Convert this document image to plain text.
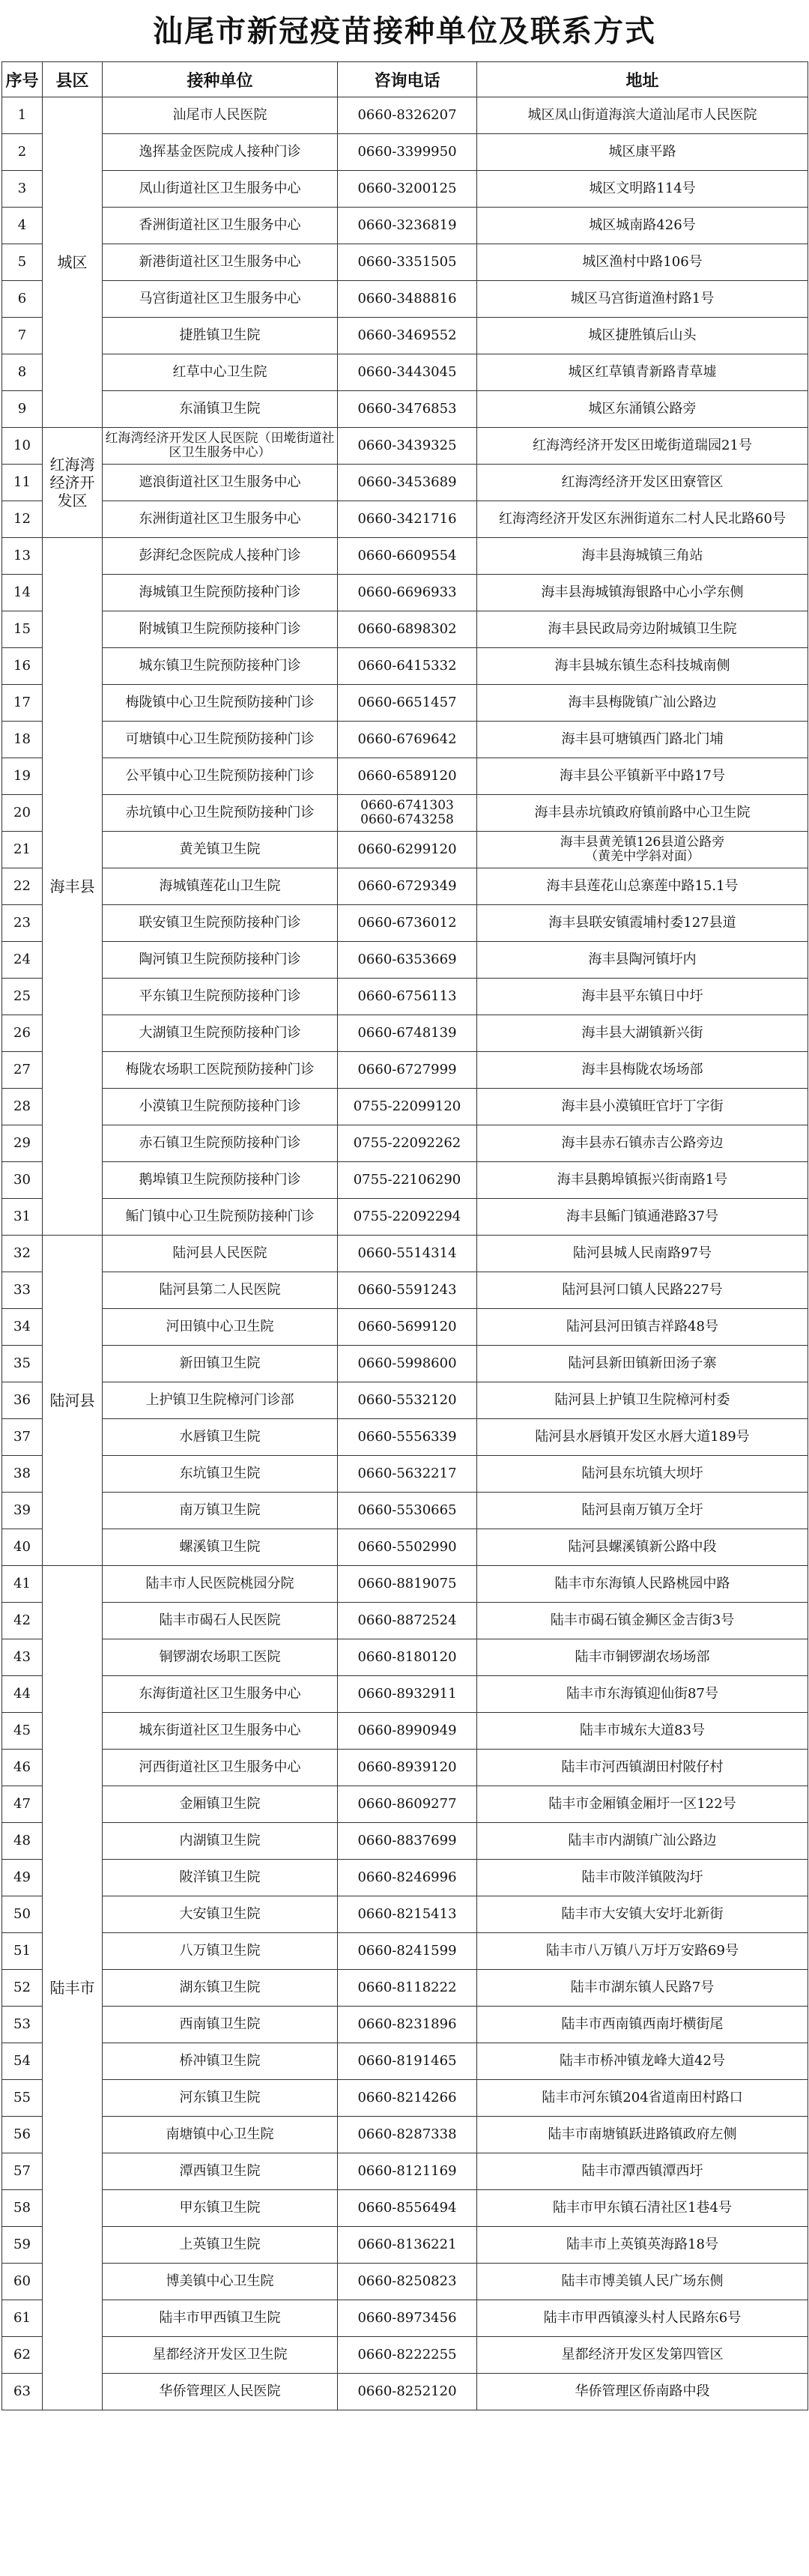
汕尾市新冠疫苗接种单位及联系方式
序号	县区	接种单位	咨询电话	地址
1	城区	汕尾市人民医院	0660-8326207	城区凤山街道海滨大道汕尾市人民医院
2		逸挥基金医院成人接种门诊	0660-3399950	城区康平路
3		凤山街道社区卫生服务中心	0660-3200125	城区文明路114号
4		香洲街道社区卫生服务中心	0660-3236819	城区城南路426号
5		新港街道社区卫生服务中心	0660-3351505	城区渔村中路106号
6		马宫街道社区卫生服务中心	0660-3488816	城区马宫街道渔村路1号
7		捷胜镇卫生院	0660-3469552	城区捷胜镇后山头
8		红草中心卫生院	0660-3443045	城区红草镇青新路青草墟
9		东涌镇卫生院	0660-3476853	城区东涌镇公路旁
10	红海湾经济开发区	红海湾经济开发区人民医院（田墘街道社区卫生服务中心）	0660-3439325	红海湾经济开发区田墘街道瑞园21号
11		遮浪街道社区卫生服务中心	0660-3453689	红海湾经济开发区田寮管区
12		东洲街道社区卫生服务中心	0660-3421716	红海湾经济开发区东洲街道东二村人民北路60号
13	海丰县	彭湃纪念医院成人接种门诊	0660-6609554	海丰县海城镇三角站
14		海城镇卫生院预防接种门诊	0660-6696933	海丰县海城镇海银路中心小学东侧
15		附城镇卫生院预防接种门诊	0660-6898302	海丰县民政局旁边附城镇卫生院
16		城东镇卫生院预防接种门诊	0660-6415332	海丰县城东镇生态科技城南侧
17		梅陇镇中心卫生院预防接种门诊	0660-6651457	海丰县梅陇镇广汕公路边
18		可塘镇中心卫生院预防接种门诊	0660-6769642	海丰县可塘镇西门路北门埔
19		公平镇中心卫生院预防接种门诊	0660-6589120	海丰县公平镇新平中路17号
20		赤坑镇中心卫生院预防接种门诊	0660-6741303
0660-6743258	海丰县赤坑镇政府镇前路中心卫生院
21		黄羌镇卫生院	0660-6299120	海丰县黄羌镇126县道公路旁
（黄羌中学斜对面）
22		海城镇莲花山卫生院	0660-6729349	海丰县莲花山总寨莲中路15.1号
23		联安镇卫生院预防接种门诊	0660-6736012	海丰县联安镇霞埔村委127县道
24		陶河镇卫生院预防接种门诊	0660-6353669	海丰县陶河镇圩内
25		平东镇卫生院预防接种门诊	0660-6756113	海丰县平东镇日中圩
26		大湖镇卫生院预防接种门诊	0660-6748139	海丰县大湖镇新兴街
27		梅陇农场职工医院预防接种门诊	0660-6727999	海丰县梅陇农场场部
28		小漠镇卫生院预防接种门诊	0755-22099120	海丰县小漠镇旺官圩丁字街
29		赤石镇卫生院预防接种门诊	0755-22092262	海丰县赤石镇赤吉公路旁边
30		鹅埠镇卫生院预防接种门诊	0755-22106290	海丰县鹅埠镇振兴街南路1号
31		鲘门镇中心卫生院预防接种门诊	0755-22092294	海丰县鲘门镇通港路37号
32	陆河县	陆河县人民医院	0660-5514314	陆河县城人民南路97号
33		陆河县第二人民医院	0660-5591243	陆河县河口镇人民路227号
34		河田镇中心卫生院	0660-5699120	陆河县河田镇吉祥路48号
35		新田镇卫生院	0660-5998600	陆河县新田镇新田汤子寨
36		上护镇卫生院樟河门诊部	0660-5532120	陆河县上护镇卫生院樟河村委
37		水唇镇卫生院	0660-5556339	陆河县水唇镇开发区水唇大道189号
38		东坑镇卫生院	0660-5632217	陆河县东坑镇大坝圩
39		南万镇卫生院	0660-5530665	陆河县南万镇万全圩
40		螺溪镇卫生院	0660-5502990	陆河县螺溪镇新公路中段
41	陆丰市	陆丰市人民医院桃园分院	0660-8819075	陆丰市东海镇人民路桃园中路
42		陆丰市碣石人民医院	0660-8872524	陆丰市碣石镇金狮区金吉街3号
43		铜锣湖农场职工医院	0660-8180120	陆丰市铜锣湖农场场部
44		东海街道社区卫生服务中心	0660-8932911	陆丰市东海镇迎仙街87号
45		城东街道社区卫生服务中心	0660-8990949	陆丰市城东大道83号
46		河西街道社区卫生服务中心	0660-8939120	陆丰市河西镇湖田村陂仔村
47		金厢镇卫生院	0660-8609277	陆丰市金厢镇金厢圩一区122号
48		内湖镇卫生院	0660-8837699	陆丰市内湖镇广汕公路边
49		陂洋镇卫生院	0660-8246996	陆丰市陂洋镇陂沟圩
50		大安镇卫生院	0660-8215413	陆丰市大安镇大安圩北新街
51		八万镇卫生院	0660-8241599	陆丰市八万镇八万圩万安路69号
52		湖东镇卫生院	0660-8118222	陆丰市湖东镇人民路7号
53		西南镇卫生院	0660-8231896	陆丰市西南镇西南圩横街尾
54		桥冲镇卫生院	0660-8191465	陆丰市桥冲镇龙峰大道42号
55		河东镇卫生院	0660-8214266	陆丰市河东镇204省道南田村路口
56		南塘镇中心卫生院	0660-8287338	陆丰市南塘镇跃进路镇政府左侧
57		潭西镇卫生院	0660-8121169	陆丰市潭西镇潭西圩
58		甲东镇卫生院	0660-8556494	陆丰市甲东镇石清社区1巷4号
59		上英镇卫生院	0660-8136221	陆丰市上英镇英海路18号
60		博美镇中心卫生院	0660-8250823	陆丰市博美镇人民广场东侧
61		陆丰市甲西镇卫生院	0660-8973456	陆丰市甲西镇濠头村人民路东6号
62		星都经济开发区卫生院	0660-8222255	星都经济开发区发第四管区
63		华侨管理区人民医院	0660-8252120	华侨管理区侨南路中段
